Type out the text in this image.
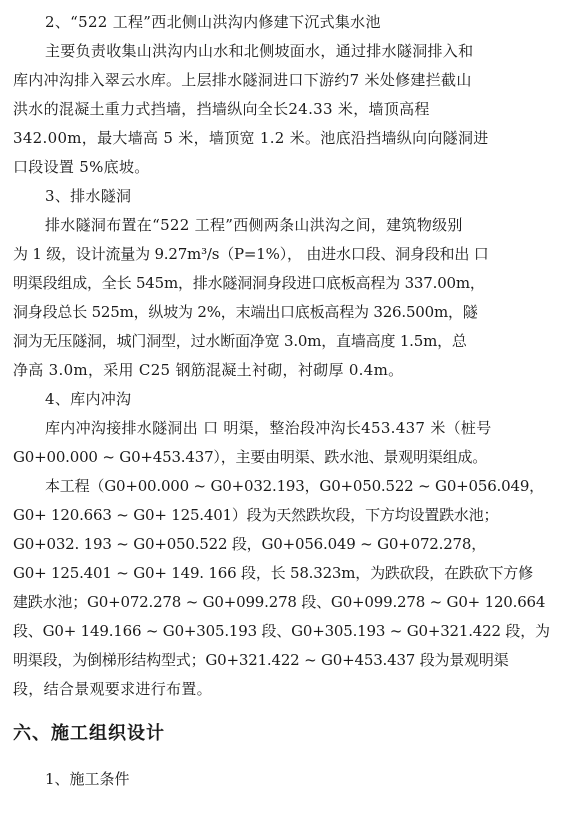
2、“522 工程”西北侧山洪沟内修建下沉式集水池
主要负责收集山洪沟内山水和北侧坡面水，通过排水隧洞排入和
库内冲沟排入翠云水库。上层排水隧洞进口下游约7 米处修建拦截山
洪水的混凝土重力式挡墙，挡墙纵向全长24.33 米，墙顶高程
342.00m，最大墙高 5 米，墙顶宽 1.2 米。池底沿挡墙纵向向隧洞进
口段设置 5%底坡。
3、排水隧洞
排水隧洞布置在“522 工程”西侧两条山洪沟之间，建筑物级别
为 1 级，设计流量为 9.27m³/s（P=1%）， 由进水口段、洞身段和出 口
明渠段组成，全长 545m，排水隧洞洞身段进口底板高程为 337.00m，
洞身段总长 525m，纵坡为 2%，末端出口底板高程为 326.500m，隧
洞为无压隧洞，城门洞型，过水断面净宽 3.0m，直墙高度 1.5m，总
净高 3.0m，采用 C25 钢筋混凝土衬砌，衬砌厚 0.4m。
4、库内冲沟
库内冲沟接排水隧洞出 口 明渠，整治段冲沟长453.437 米（桩号
G0+00.000 ~ G0+453.437），主要由明渠、跌水池、景观明渠组成。
本工程（G0+00.000 ~ G0+032.193，G0+050.522 ~ G0+056.049，
G0+ 120.663 ~ G0+ 125.401）段为天然跌坎段，下方均设置跌水池；
G0+032. 193 ~ G0+050.522 段，G0+056.049 ~ G0+072.278，
G0+ 125.401 ~ G0+ 149. 166 段，长 58.323m，为跌砍段，在跌砍下方修
建跌水池；G0+072.278 ~ G0+099.278 段、G0+099.278 ~ G0+ 120.664
段、G0+ 149.166 ~ G0+305.193 段、G0+305.193 ~ G0+321.422 段，为
明渠段，为倒梯形结构型式；G0+321.422 ~ G0+453.437 段为景观明渠
段，结合景观要求进行布置。
六、施工组织设计
1、施工条件
